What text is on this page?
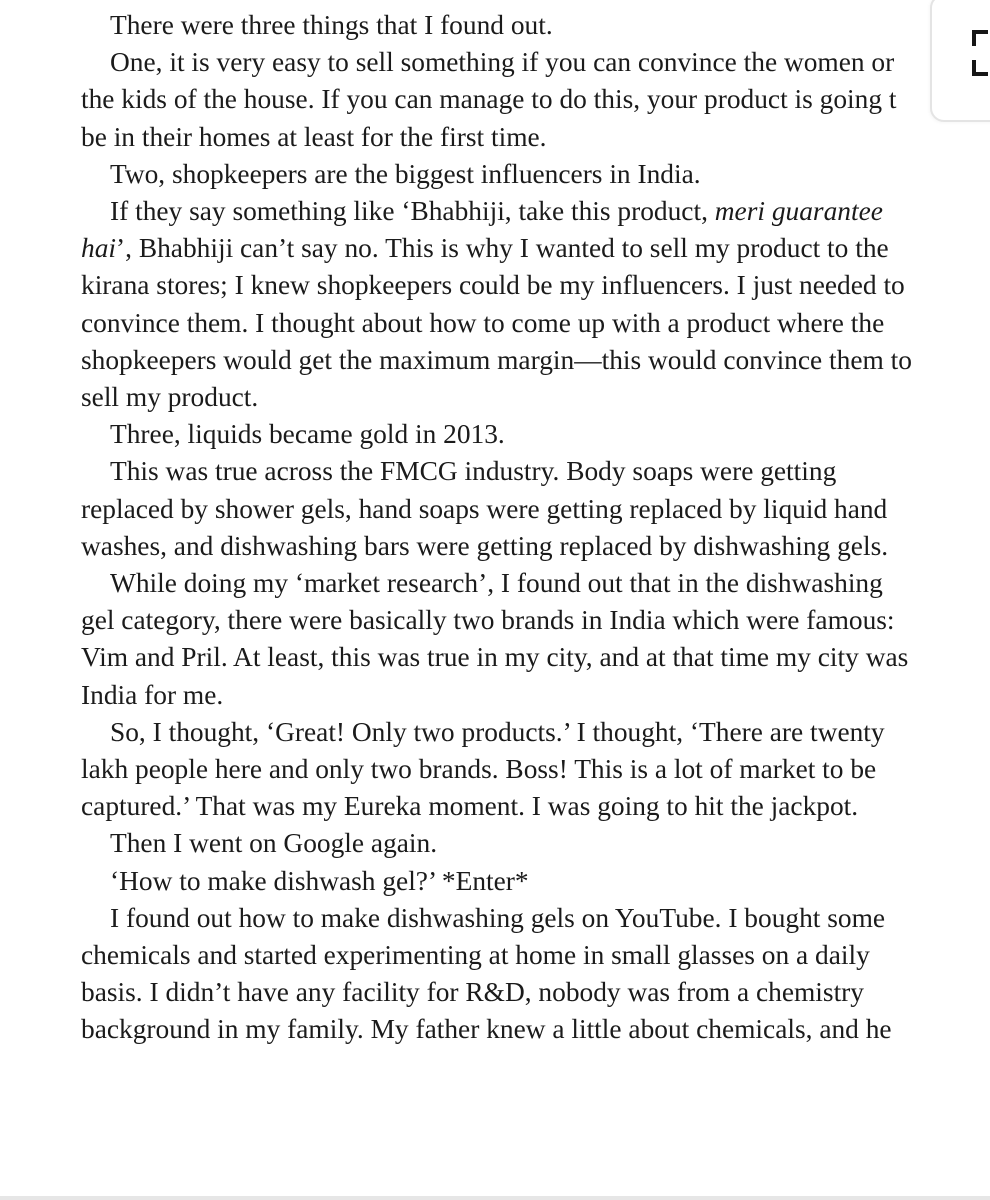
There were three things that I found out.

One, it is very easy to sell something if you can convince the women or
the kids of the house. If you can manage to do this, your product is going t
be in their homes at least for the first time.

Two, shopkeepers are the biggest influencers in India.

If they say something like ‘Bhabhiji, take this product, meri guarantee
hai’, Bhabhiji can’t say no. This is why I wanted to sell my product to the
kirana stores; I knew shopkeepers could be my influencers. I just needed to
convince them. I thought about how to come up with a product where the
shopkeepers would get the maximum margin—this would convince them to
sell my product.

Three, liquids became gold in 2013.

This was true across the FMCG industry. Body soaps were getting
replaced by shower gels, hand soaps were getting replaced by liquid hand
washes, and dishwashing bars were getting replaced by dishwashing gels.

While doing my ‘market research’, I found out that in the dishwashing
gel category, there were basically two brands in India which were famous:
Vim and Pril. At least, this was true in my city, and at that time my city was
India for me.

So, I thought, ‘Great! Only two products.’ I thought, ‘There are twenty
lakh people here and only two brands. Boss! This is a lot of market to be
captured.’ That was my Eureka moment. I was going to hit the jackpot.

Then I went on Google again.

‘How to make dishwash gel?’ *Enter*

I found out how to make dishwashing gels on YouTube. I bought some
chemicals and started experimenting at home in small glasses on a daily
basis. I didn’t have any facility for R&D, nobody was from a chemistry
background in my family. My father knew a little about chemicals, and he
